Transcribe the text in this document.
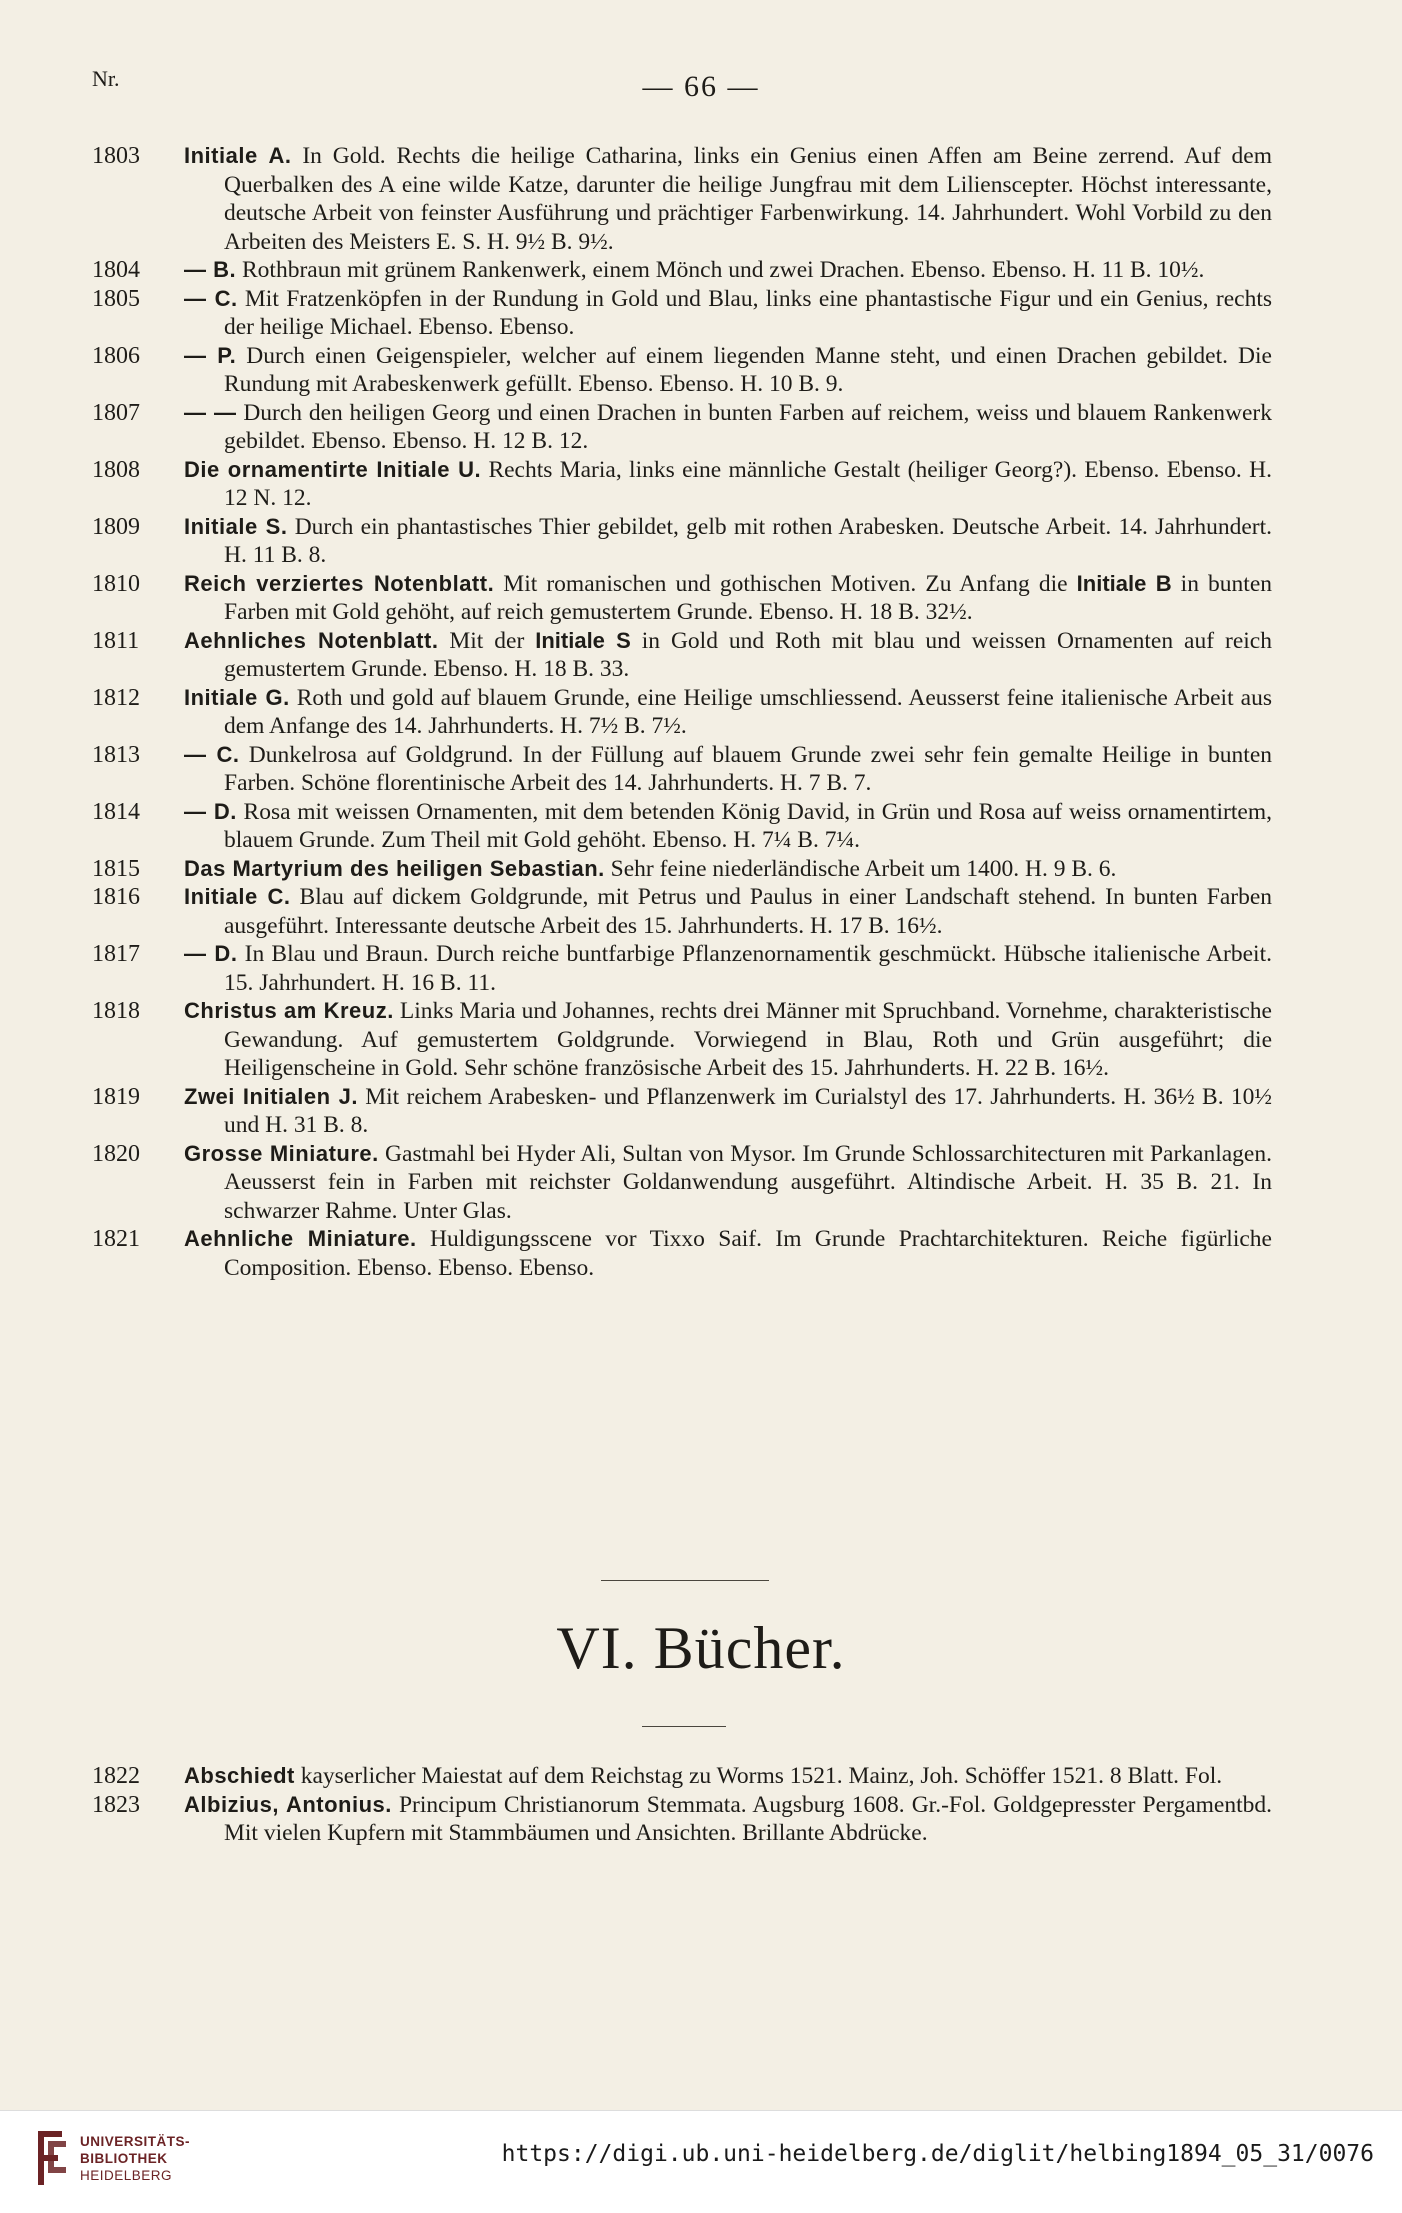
Nr.	— 66 —
1803	Initiale A. In Gold. Rechts die heilige Catharina, links ein Genius einen Affen am Beine zerrend. Auf dem Querbalken des A eine wilde Katze, darunter die heilige Jungfrau mit dem Lilienscepter. Höchst interessante, deutsche Arbeit von feinster Ausführung und prächtiger Farbenwirkung. 14. Jahrhundert. Wohl Vorbild zu den Arbeiten des Meisters E. S. H. 9½ B. 9½.
1804	— B. Rothbraun mit grünem Rankenwerk, einem Mönch und zwei Drachen. Ebenso. Ebenso. H. 11 B. 10½.
1805	— C. Mit Fratzenköpfen in der Rundung in Gold und Blau, links eine phantastische Figur und ein Genius, rechts der heilige Michael. Ebenso. Ebenso.
1806	— P. Durch einen Geigenspieler, welcher auf einem liegenden Manne steht, und einen Drachen gebildet. Die Rundung mit Arabeskenwerk gefüllt. Ebenso. Ebenso. H. 10 B. 9.
1807	— — Durch den heiligen Georg und einen Drachen in bunten Farben auf reichem, weiss und blauem Rankenwerk gebildet. Ebenso. Ebenso. H. 12 B. 12.
1808	Die ornamentirte Initiale U. Rechts Maria, links eine männliche Gestalt (heiliger Georg?). Ebenso. Ebenso. H. 12 N. 12.
1809	Initiale S. Durch ein phantastisches Thier gebildet, gelb mit rothen Arabesken. Deutsche Arbeit. 14. Jahrhundert. H. 11 B. 8.
1810	Reich verziertes Notenblatt. Mit romanischen und gothischen Motiven. Zu Anfang die Initiale B in bunten Farben mit Gold gehöht, auf reich gemustertem Grunde. Ebenso. H. 18 B. 32½.
1811	Aehnliches Notenblatt. Mit der Initiale S in Gold und Roth mit blau und weissen Ornamenten auf reich gemustertem Grunde. Ebenso. H. 18 B. 33.
1812	Initiale G. Roth und gold auf blauem Grunde, eine Heilige umschliessend. Aeusserst feine italienische Arbeit aus dem Anfange des 14. Jahrhunderts. H. 7½ B. 7½.
1813	— C. Dunkelrosa auf Goldgrund. In der Füllung auf blauem Grunde zwei sehr fein gemalte Heilige in bunten Farben. Schöne florentinische Arbeit des 14. Jahrhunderts. H. 7 B. 7.
1814	— D. Rosa mit weissen Ornamenten, mit dem betenden König David, in Grün und Rosa auf weiss ornamentirtem, blauem Grunde. Zum Theil mit Gold gehöht. Ebenso. H. 7¼ B. 7¼.
1815	Das Martyrium des heiligen Sebastian. Sehr feine niederländische Arbeit um 1400. H. 9 B. 6.
1816	Initiale C. Blau auf dickem Goldgrunde, mit Petrus und Paulus in einer Landschaft stehend. In bunten Farben ausgeführt. Interessante deutsche Arbeit des 15. Jahrhunderts. H. 17 B. 16½.
1817	— D. In Blau und Braun. Durch reiche buntfarbige Pflanzenornamentik geschmückt. Hübsche italienische Arbeit. 15. Jahrhundert. H. 16 B. 11.
1818	Christus am Kreuz. Links Maria und Johannes, rechts drei Männer mit Spruchband. Vornehme, charakteristische Gewandung. Auf gemustertem Goldgrunde. Vorwiegend in Blau, Roth und Grün ausgeführt; die Heiligenscheine in Gold. Sehr schöne französische Arbeit des 15. Jahrhunderts. H. 22 B. 16½.
1819	Zwei Initialen J. Mit reichem Arabesken- und Pflanzenwerk im Curialstyl des 17. Jahrhunderts. H. 36½ B. 10½ und H. 31 B. 8.
1820	Grosse Miniature. Gastmahl bei Hyder Ali, Sultan von Mysor. Im Grunde Schlossarchitecturen mit Parkanlagen. Aeusserst fein in Farben mit reichster Goldanwendung ausgeführt. Altindische Arbeit. H. 35 B. 21. In schwarzer Rahme. Unter Glas.
1821	Aehnliche Miniature. Huldigungsscene vor Tixxo Saif. Im Grunde Prachtarchitekturen. Reiche figürliche Composition. Ebenso. Ebenso. Ebenso.
VI. Bücher.
1822	Abschiedt kayserlicher Maiestat auf dem Reichstag zu Worms 1521. Mainz, Joh. Schöffer 1521. 8 Blatt. Fol.
1823	Albizius, Antonius. Principum Christianorum Stemmata. Augsburg 1608. Gr.-Fol. Goldgepresster Pergamentbd. Mit vielen Kupfern mit Stammbäumen und Ansichten. Brillante Abdrücke.
UNIVERSITÄTS-
BIBLIOTHEK
HEIDELBERG
https://digi.ub.uni-heidelberg.de/diglit/helbing1894_05_31/0076
